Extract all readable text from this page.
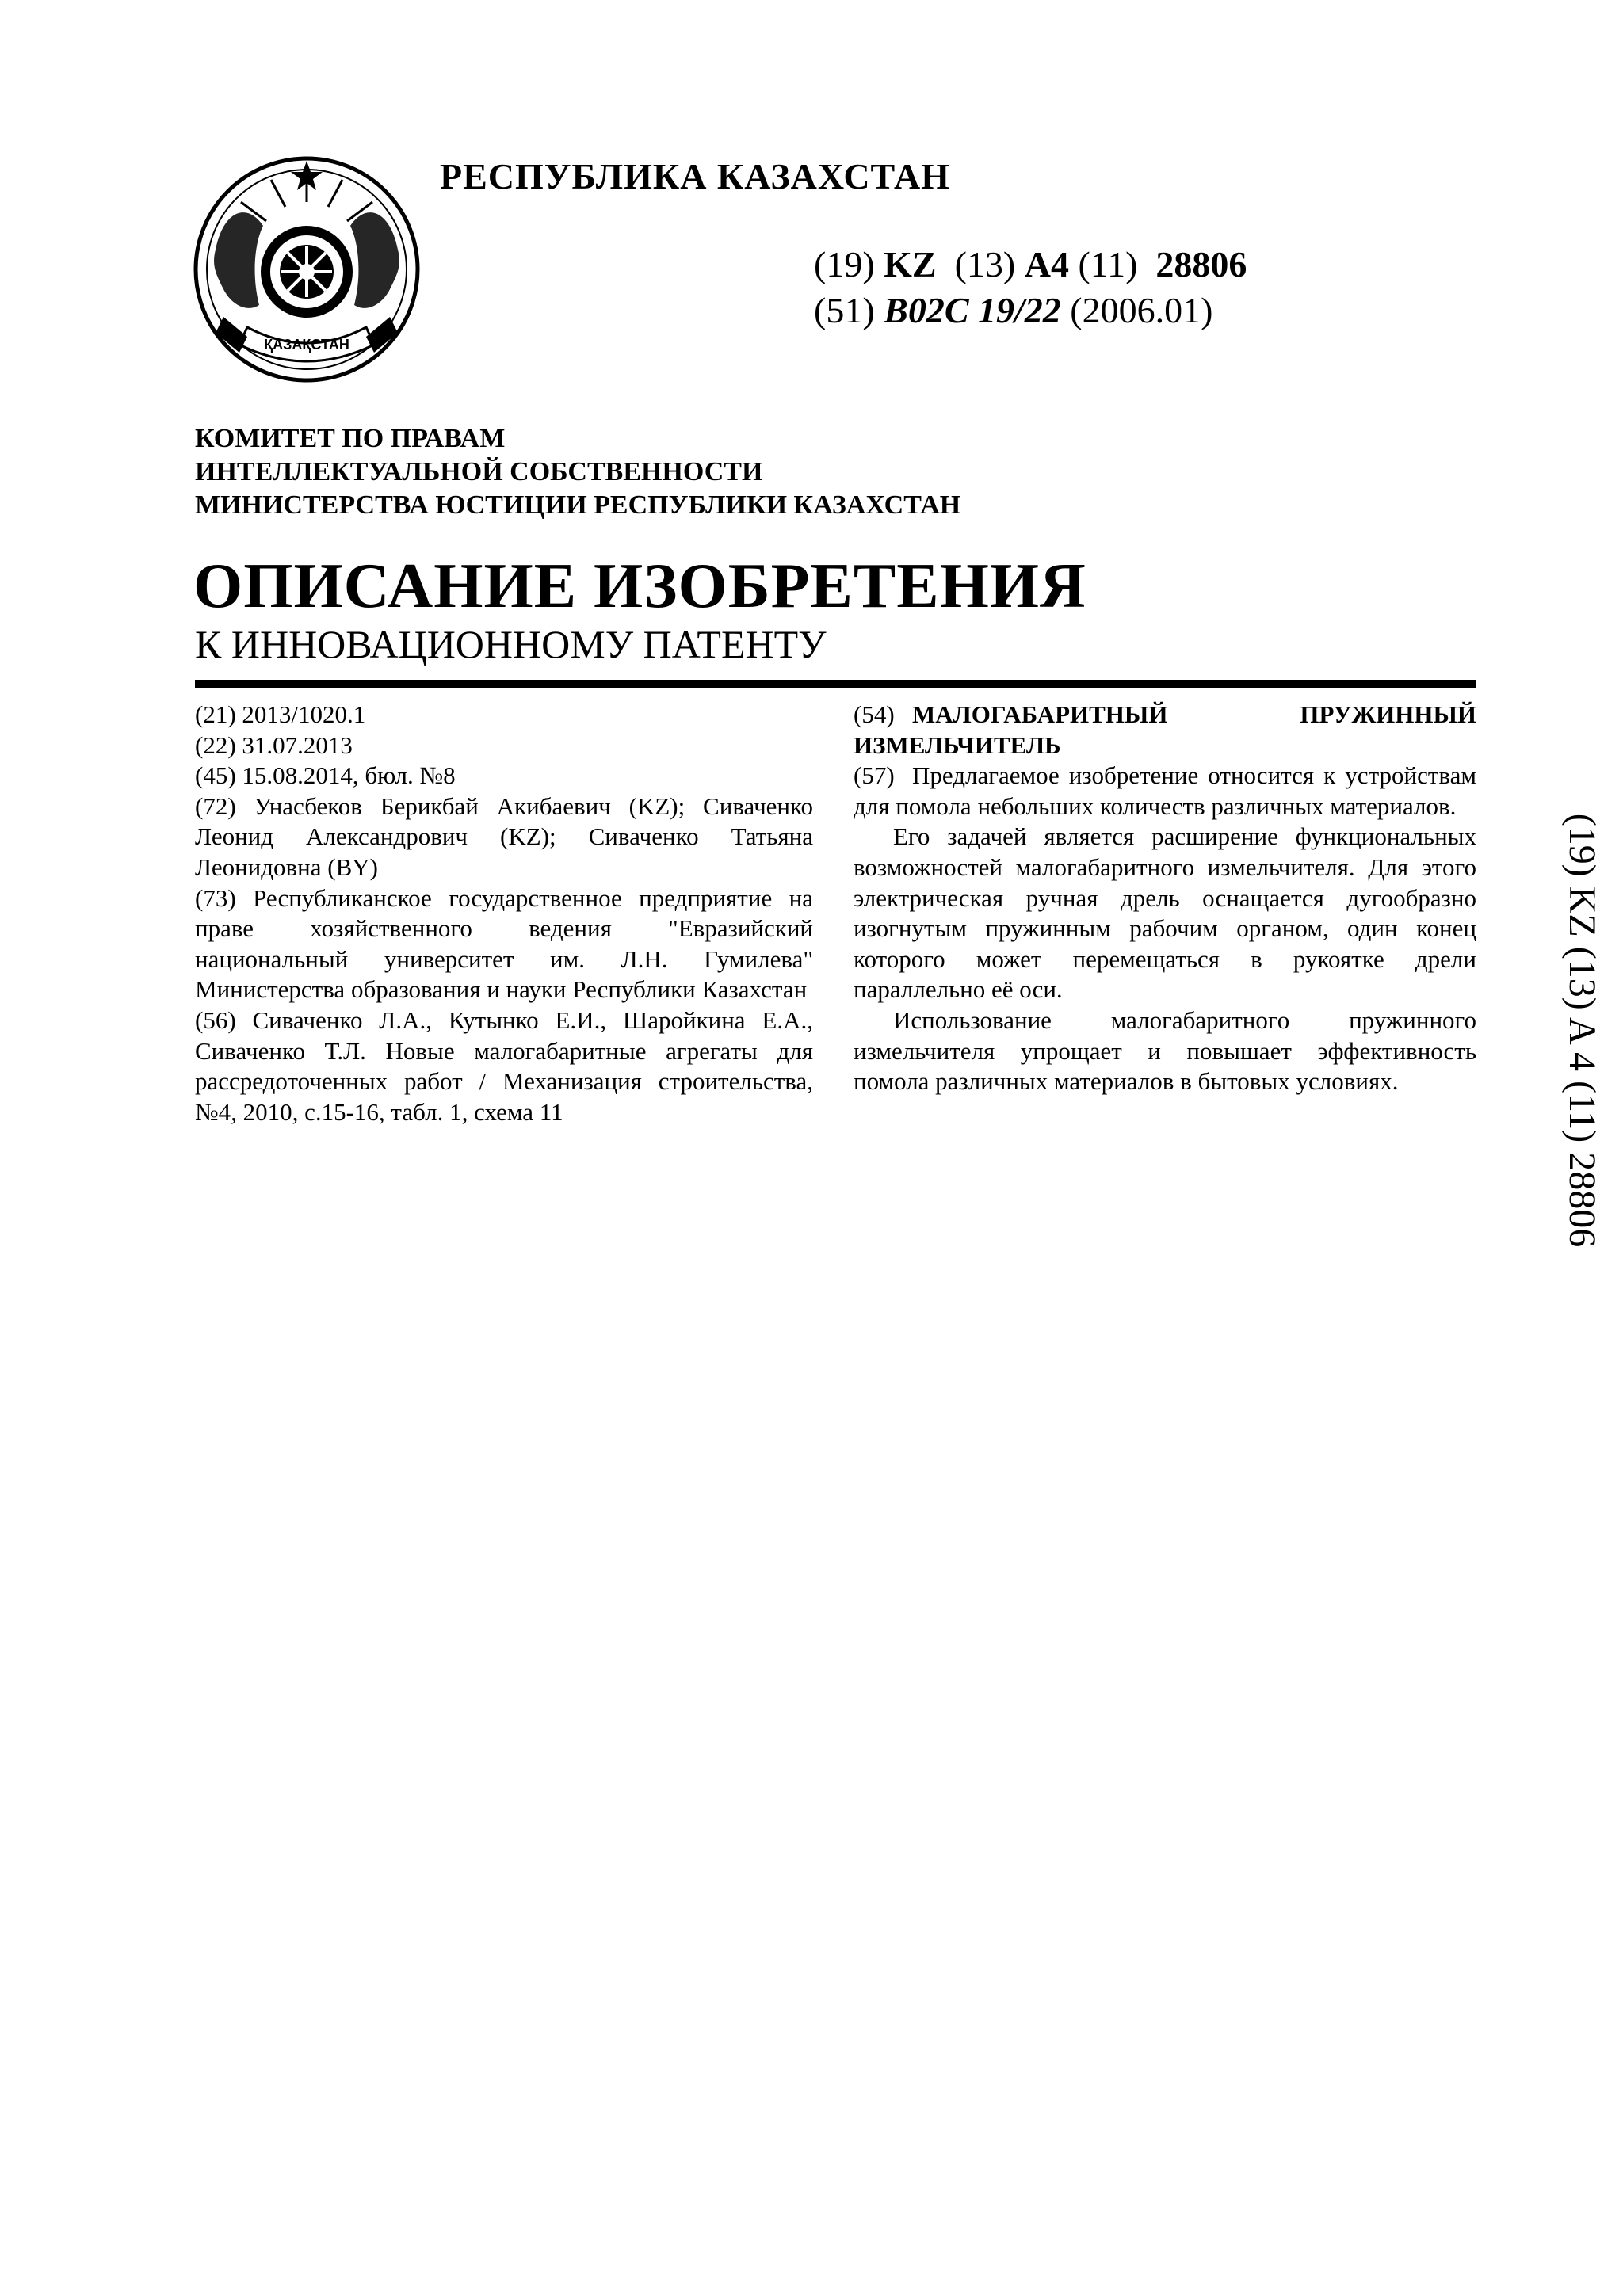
ҚАЗАҚСТАН
РЕСПУБЛИКА КАЗАХСТАН
(19) KZ (13) A4 (11) 28806
(51) B02C 19/22 (2006.01)
КОМИТЕТ ПО ПРАВАМ
ИНТЕЛЛЕКТУАЛЬНОЙ СОБСТВЕННОСТИ
МИНИСТЕРСТВА ЮСТИЦИИ РЕСПУБЛИКИ КАЗАХСТАН
ОПИСАНИЕ ИЗОБРЕТЕНИЯ
К ИННОВАЦИОННОМУ ПАТЕНТУ

(21) 2013/1020.1

(22) 31.07.2013

(45) 15.08.2014, бюл. №8

(72) Унасбеков Берикбай Акибаевич (KZ); Сиваченко Леонид Александрович (KZ); Сиваченко Татьяна Леонидовна (BY)

(73) Республиканское государственное предприятие на праве хозяйственного ведения "Евразийский национальный университет им. Л.Н. Гумилева" Министерства образования и науки Республики Казахстан

(56) Сиваченко Л.А., Кутынко Е.И., Шаройкина Е.А., Сиваченко Т.Л. Новые малогабаритные агрегаты для рассредоточенных работ / Механизация строительства, №4, 2010, с.15-16, табл. 1, схема 11

(54) МАЛОГАБАРИТНЫЙ ПРУЖИННЫЙ ИЗМЕЛЬЧИТЕЛЬ

(57) Предлагаемое изобретение относится к устройствам для помола небольших количеств различных материалов.

Его задачей является расширение функциональных возможностей малогабаритного измельчителя. Для этого электрическая ручная дрель оснащается дугообразно изогнутым пружинным рабочим органом, один конец которого может перемещаться в рукоятке дрели параллельно её оси.

Использование малогабаритного пружинного измельчителя упрощает и повышает эффективность помола различных материалов в бытовых условиях.	(19) KZ (13) A 4 (11) 28806
